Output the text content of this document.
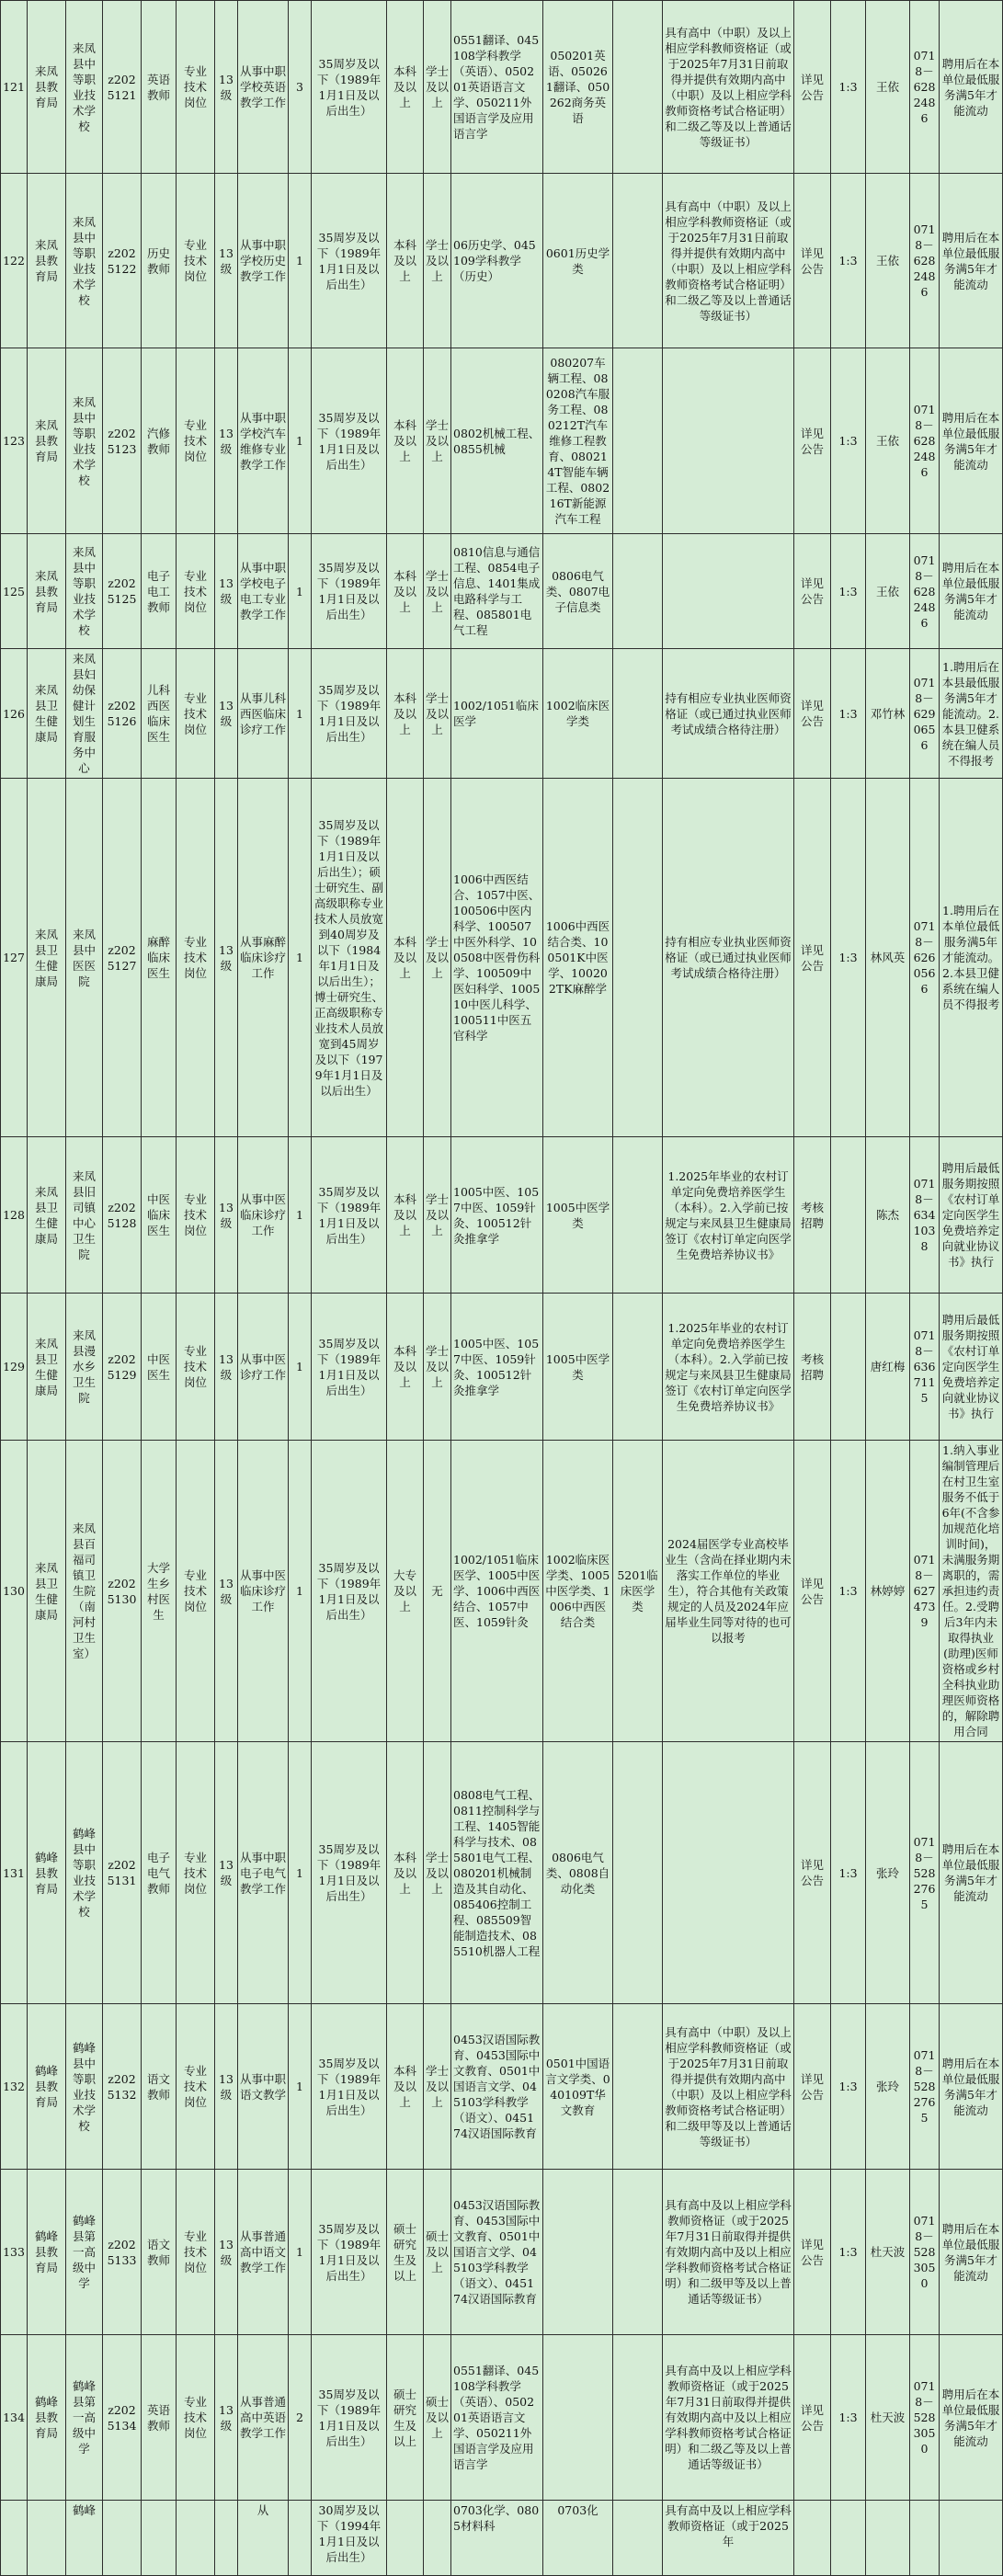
121	来凤县教育局	来凤县中等职业技术学校	z2025121	英语教师	专业技术岗位	13级	从事中职学校英语教学工作	3	35周岁及以下（1989年1月1日及以后出生）	本科及以上	学士及以上	0551翻译、045108学科教学（英语）、050201英语语言文学、050211外国语言学及应用语言学	050201英语、050261翻译、050262商务英语		具有高中（中职）及以上相应学科教师资格证（或于2025年7月31日前取得并提供有效期内高中（中职）及以上相应学科教师资格考试合格证明）和二级乙等及以上普通话等级证书）	详见公告	1:3	王依	0718－6282486	聘用后在本单位最低服务满5年才能流动
122	来凤县教育局	来凤县中等职业技术学校	z2025122	历史教师	专业技术岗位	13级	从事中职学校历史教学工作	1	35周岁及以下（1989年1月1日及以后出生）	本科及以上	学士及以上	06历史学、045109学科教学（历史）	0601历史学类		具有高中（中职）及以上相应学科教师资格证（或于2025年7月31日前取得并提供有效期内高中（中职）及以上相应学科教师资格考试合格证明）和二级乙等及以上普通话等级证书）	详见公告	1:3	王依	0718－6282486	聘用后在本单位最低服务满5年才能流动
123	来凤县教育局	来凤县中等职业技术学校	z2025123	汽修教师	专业技术岗位	13级	从事中职学校汽车维修专业教学工作	1	35周岁及以下（1989年1月1日及以后出生）	本科及以上	学士及以上	0802机械工程、0855机械	080207车辆工程、080208汽车服务工程、080212T汽车维修工程教育、080214T智能车辆工程、080216T新能源汽车工程			详见公告	1:3	王依	0718－6282486	聘用后在本单位最低服务满5年才能流动
125	来凤县教育局	来凤县中等职业技术学校	z2025125	电子电工教师	专业技术岗位	13级	从事中职学校电子电工专业教学工作	1	35周岁及以下（1989年1月1日及以后出生）	本科及以上	学士及以上	0810信息与通信工程、0854电子信息、1401集成电路科学与工程、085801电气工程	0806电气类、0807电子信息类			详见公告	1:3	王依	0718－6282486	聘用后在本单位最低服务满5年才能流动
126	来凤县卫生健康局	来凤县妇幼保健计划生育服务中心	z2025126	儿科西医临床医生	专业技术岗位	13级	从事儿科西医临床诊疗工作	1	35周岁及以下（1989年1月1日及以后出生）	本科及以上	学士及以上	1002/1051临床医学	1002临床医学类		持有相应专业执业医师资格证（或已通过执业医师考试成绩合格待注册）	详见公告	1:3	邓竹林	0718－6290656	1.聘用后在本县最低服务满5年才能流动。2.本县卫健系统在编人员不得报考
127	来凤县卫生健康局	来凤县中医医院	z2025127	麻醉临床医生	专业技术岗位	13级	从事麻醉临床诊疗工作	1	35周岁及以下（1989年1月1日及以后出生）；硕士研究生、副高级职称专业技术人员放宽到40周岁及以下（1984年1月1日及以后出生）；博士研究生、正高级职称专业技术人员放宽到45周岁及以下（1979年1月1日及以后出生）	本科及以上	学士及以上	1006中西医结合、1057中医、100506中医内科学、100507中医外科学、100508中医骨伤科学、100509中医妇科学、100510中医儿科学、100511中医五官科学	1006中西医结合类、100501K中医学、100202TK麻醉学		持有相应专业执业医师资格证（或已通过执业医师考试成绩合格待注册）	详见公告	1:3	林风英	0718－6260566	1.聘用后在本单位最低服务满5年才能流动。2.本县卫健系统在编人员不得报考
128	来凤县卫生健康局	来凤县旧司镇中心卫生院	z2025128	中医临床医生	专业技术岗位	13级	从事中医临床诊疗工作	1	35周岁及以下（1989年1月1日及以后出生）	本科及以上	学士及以上	1005中医、1057中医、1059针灸、100512针灸推拿学	1005中医学类		1.2025年毕业的农村订单定向免费培养医学生（本科）。2.入学前已按规定与来凤县卫生健康局签订《农村订单定向医学生免费培养协议书》	考核招聘		陈杰	0718－6341038	聘用后最低服务期按照《农村订单定向医学生免费培养定向就业协议书》执行
129	来凤县卫生健康局	来凤县漫水乡卫生院	z2025129	中医医生	专业技术岗位	13级	从事中医诊疗工作	1	35周岁及以下（1989年1月1日及以后出生）	本科及以上	学士及以上	1005中医、1057中医、1059针灸、100512针灸推拿学	1005中医学类		1.2025年毕业的农村订单定向免费培养医学生（本科）。2.入学前已按规定与来凤县卫生健康局签订《农村订单定向医学生免费培养协议书》	考核招聘		唐红梅	0718－6367115	聘用后最低服务期按照《农村订单定向医学生免费培养定向就业协议书》执行
130	来凤县卫生健康局	来凤县百福司镇卫生院（南河村卫生室）	z2025130	大学生乡村医生	专业技术岗位	13级	从事中医临床诊疗工作	1	35周岁及以下（1989年1月1日及以后出生）	大专及以上	无	1002/1051临床医学、1005中医学、1006中西医结合、1057中医、1059针灸	1002临床医学类、1005中医学类、1006中西医结合类	5201临床医学类	2024届医学专业高校毕业生（含尚在择业期内未落实工作单位的毕业生），符合其他有关政策规定的人员及2024年应届毕业生同等对待的也可以报考	详见公告	1:3	林婷婷	0718－6274739	1.纳入事业编制管理后在村卫生室服务不低于6年(不含参加规范化培训时间)，未满服务期离职的，需承担违约责任。2.受聘后3年内未取得执业(助理)医师资格或乡村全科执业助理医师资格的，解除聘用合同
131	鹤峰县教育局	鹤峰县中等职业技术学校	z2025131	电子电气教师	专业技术岗位	13级	从事中职电子电气教学工作	1	35周岁及以下（1989年1月1日及以后出生）	本科及以上	学士及以上	0808电气工程、0811控制科学与工程、1405智能科学与技术、085801电气工程、080201机械制造及其自动化、085406控制工程、085509智能制造技术、085510机器人工程	0806电气类、0808自动化类			详见公告	1:3	张玲	0718－5282765	聘用后在本单位最低服务满5年才能流动
132	鹤峰县教育局	鹤峰县中等职业技术学校	z2025132	语文教师	专业技术岗位	13级	从事中职语文教学	1	35周岁及以下（1989年1月1日及以后出生）	本科及以上	学士及以上	0453汉语国际教育、0453国际中文教育、0501中国语言文学、045103学科教学（语文）、045174汉语国际教育	0501中国语言文学类、040109T华文教育		具有高中（中职）及以上相应学科教师资格证（或于2025年7月31日前取得并提供有效期内高中（中职）及以上相应学科教师资格考试合格证明）和二级甲等及以上普通话等级证书）	详见公告	1:3	张玲	0718－5282765	聘用后在本单位最低服务满5年才能流动
133	鹤峰县教育局	鹤峰县第一高级中学	z2025133	语文教师	专业技术岗位	13级	从事普通高中语文教学工作	1	35周岁及以下（1989年1月1日及以后出生）	硕士研究生及以上	硕士及以上	0453汉语国际教育、0453国际中文教育、0501中国语言文学、045103学科教学（语文）、045174汉语国际教育			具有高中及以上相应学科教师资格证（或于2025年7月31日前取得并提供有效期内高中及以上相应学科教师资格考试合格证明）和二级甲等及以上普通话等级证书）	详见公告	1:3	杜天波	0718－5283050	聘用后在本单位最低服务满5年才能流动
134	鹤峰县教育局	鹤峰县第一高级中学	z2025134	英语教师	专业技术岗位	13级	从事普通高中英语教学工作	2	35周岁及以下（1989年1月1日及以后出生）	硕士研究生及以上	硕士及以上	0551翻译、045108学科教学（英语）、050201英语语言文学、050211外国语言学及应用语言学			具有高中及以上相应学科教师资格证（或于2025年7月31日前取得并提供有效期内高中及以上相应学科教师资格考试合格证明）和二级乙等及以上普通话等级证书）	详见公告	1:3	杜天波	0718－5283050	聘用后在本单位最低服务满5年才能流动
		鹤峰					从		30周岁及以下（1994年1月1日及以后出生）			0703化学、0805材料科	0703化		具有高中及以上相应学科教师资格证（或于2025年					
